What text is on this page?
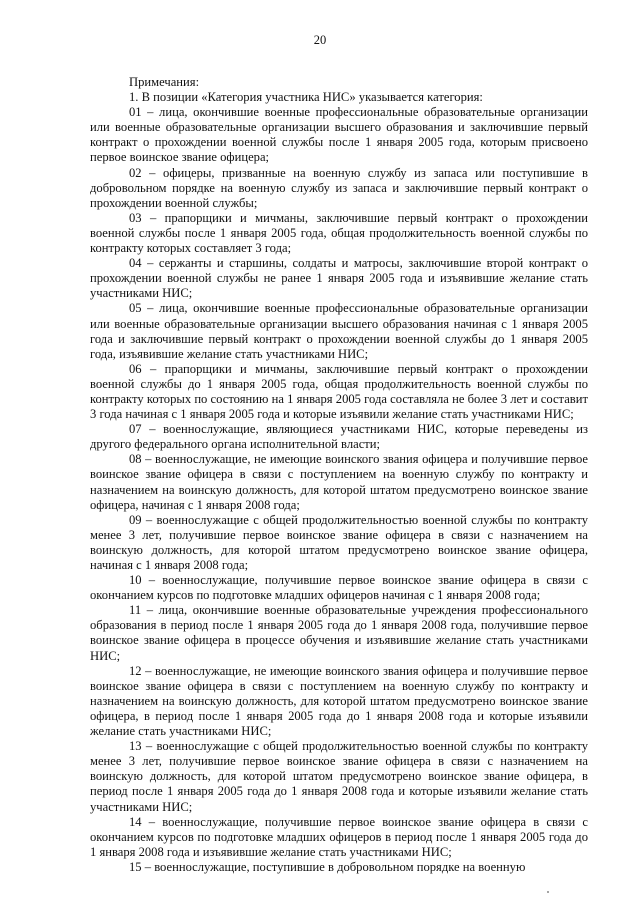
20

Примечания:

1. В позиции «Категория участника НИС» указывается категория:

01 – лица, окончившие военные профессиональные образовательные организации или военные образовательные организации высшего образования и заключившие первый контракт о прохождении военной службы после 1 января 2005 года, которым присвоено первое воинское звание офицера;

02 – офицеры, призванные на военную службу из запаса или поступившие в добровольном порядке на военную службу из запаса и заключившие первый контракт о прохождении военной службы;

03 – прапорщики и мичманы, заключившие первый контракт о прохождении военной службы после 1 января 2005 года, общая продолжительность военной службы по контракту которых составляет 3 года;

04 – сержанты и старшины, солдаты и матросы, заключившие второй контракт о прохождении военной службы не ранее 1 января 2005 года и изъявившие желание стать участниками НИС;

05 – лица, окончившие военные профессиональные образовательные организации или военные образовательные организации высшего образования начиная с 1 января 2005 года и заключившие первый контракт о прохождении военной службы до 1 января 2005 года, изъявившие желание стать участниками НИС;

06 – прапорщики и мичманы, заключившие первый контракт о прохождении военной службы до 1 января 2005 года, общая продолжительность военной службы по контракту которых по состоянию на 1 января 2005 года составляла не более 3 лет и составит 3 года начиная с 1 января 2005 года и которые изъявили желание стать участниками НИС;

07 – военнослужащие, являющиеся участниками НИС, которые переведены из другого федерального органа исполнительной власти;

08 – военнослужащие, не имеющие воинского звания офицера и получившие первое воинское звание офицера в связи с поступлением на военную службу по контракту и назначением на воинскую должность, для которой штатом предусмотрено воинское звание офицера, начиная с 1 января 2008 года;

09 – военнослужащие с общей продолжительностью военной службы по контракту менее 3 лет, получившие первое воинское звание офицера в связи с назначением на воинскую должность, для которой штатом предусмотрено воинское звание офицера, начиная с 1 января 2008 года;

10 – военнослужащие, получившие первое воинское звание офицера в связи с окончанием курсов по подготовке младших офицеров начиная с 1 января 2008 года;

11 – лица, окончившие военные образовательные учреждения профессионального образования в период после 1 января 2005 года до 1 января 2008 года, получившие первое воинское звание офицера в процессе обучения и изъявившие желание стать участниками НИС;

12 – военнослужащие, не имеющие воинского звания офицера и получившие первое воинское звание офицера в связи с поступлением на военную службу по контракту и назначением на воинскую должность, для которой штатом предусмотрено воинское звание офицера, в период после 1 января 2005 года до 1 января 2008 года и которые изъявили желание стать участниками НИС;

13 – военнослужащие с общей продолжительностью военной службы по контракту менее 3 лет, получившие первое воинское звание офицера в связи с назначением на воинскую должность, для которой штатом предусмотрено воинское звание офицера, в период после 1 января 2005 года до 1 января 2008 года и которые изъявили желание стать участниками НИС;

14 – военнослужащие, получившие первое воинское звание офицера в связи с окончанием курсов по подготовке младших офицеров в период после 1 января 2005 года до 1 января 2008 года и изъявившие желание стать участниками НИС;

15 – военнослужащие, поступившие в добровольном порядке на военную
